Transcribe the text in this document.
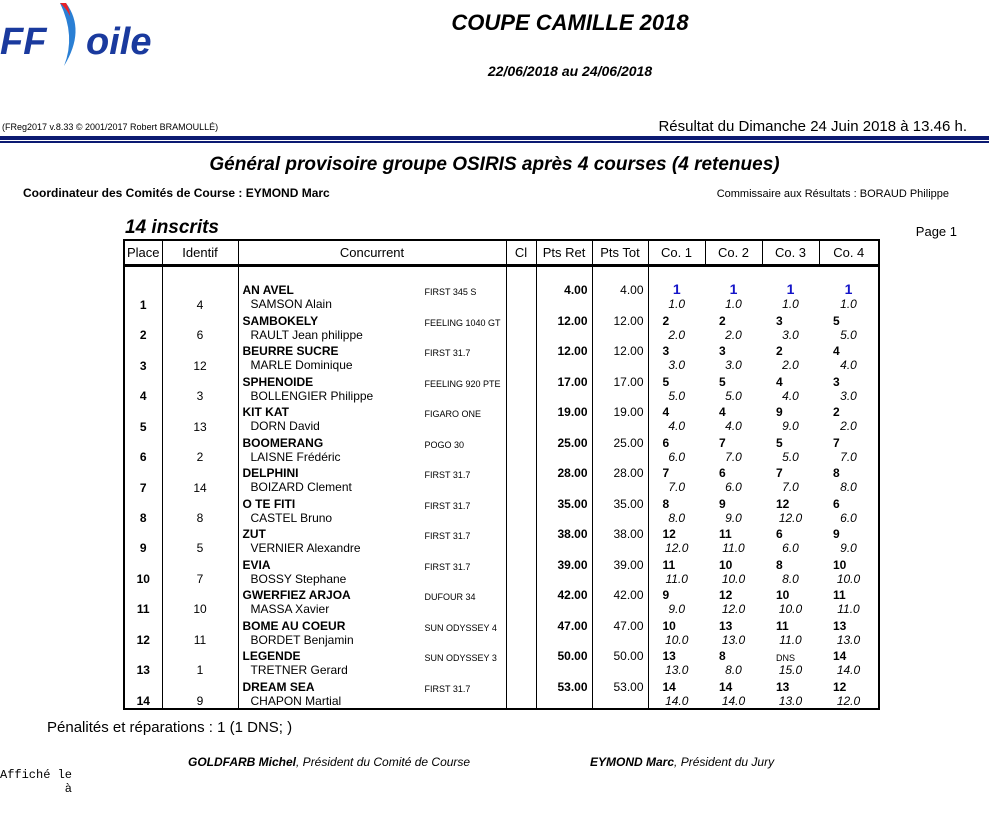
FF oile	COUPE CAMILLE 2018
22/06/2018 au 24/06/2018
(FReg2017 v.8.33 © 2001/2017 Robert BRAMOULLÉ)	Résultat du Dimanche 24 Juin 2018 à 13.46 h.
Général provisoire groupe OSIRIS après 4 courses (4 retenues)
Coordinateur des Comités de Course : EYMOND Marc	Commissaire aux Résultats : BORAUD Philippe
14 inscrits	Page 1
Place	Identif	Concurrent	Cl	Pts Ret	Pts Tot	Co. 1	Co. 2	Co. 3	Co. 4

1	4	AN AVEL FIRST 345 S		4.00	4.00	1	1	1	1
		SAMSON Alain				1.0	1.0	1.0	1.0
2	6	SAMBOKELY FEELING 1040 GT		12.00	12.00	2	2	3	5
		RAULT Jean philippe				2.0	2.0	3.0	5.0
3	12	BEURRE SUCRE FIRST 31.7		12.00	12.00	3	3	2	4
		MARLE Dominique				3.0	3.0	2.0	4.0
4	3	SPHENOIDE FEELING 920 PTE		17.00	17.00	5	5	4	3
		BOLLENGIER Philippe				5.0	5.0	4.0	3.0
5	13	KIT KAT FIGARO ONE		19.00	19.00	4	4	9	2
		DORN David				4.0	4.0	9.0	2.0
6	2	BOOMERANG POGO 30		25.00	25.00	6	7	5	7
		LAISNE Frédéric				6.0	7.0	5.0	7.0
7	14	DELPHINI FIRST 31.7		28.00	28.00	7	6	7	8
		BOIZARD Clement				7.0	6.0	7.0	8.0
8	8	O TE FITI FIRST 31.7		35.00	35.00	8	9	12	6
		CASTEL Bruno				8.0	9.0	12.0	6.0
9	5	ZUT FIRST 31.7		38.00	38.00	12	11	6	9
		VERNIER Alexandre				12.0	11.0	6.0	9.0
10	7	EVIA FIRST 31.7		39.00	39.00	11	10	8	10
		BOSSY Stephane				11.0	10.0	8.0	10.0
11	10	GWERFIEZ ARJOA DUFOUR 34		42.00	42.00	9	12	10	11
		MASSA Xavier				9.0	12.0	10.0	11.0
12	11	BOME AU COEUR SUN ODYSSEY 4		47.00	47.00	10	13	11	13
		BORDET Benjamin				10.0	13.0	11.0	13.0
13	1	LEGENDE SUN ODYSSEY 3		50.00	50.00	13	8	DNS	14
		TRETNER Gerard				13.0	8.0	15.0	14.0
14	9	DREAM SEA FIRST 31.7		53.00	53.00	14	14	13	12
		CHAPON Martial				14.0	14.0	13.0	12.0
Pénalités et réparations : 1 (1 DNS; )
GOLDFARB Michel, Président du Comité de Course	EYMOND Marc, Président du Jury
Affiché le
à
